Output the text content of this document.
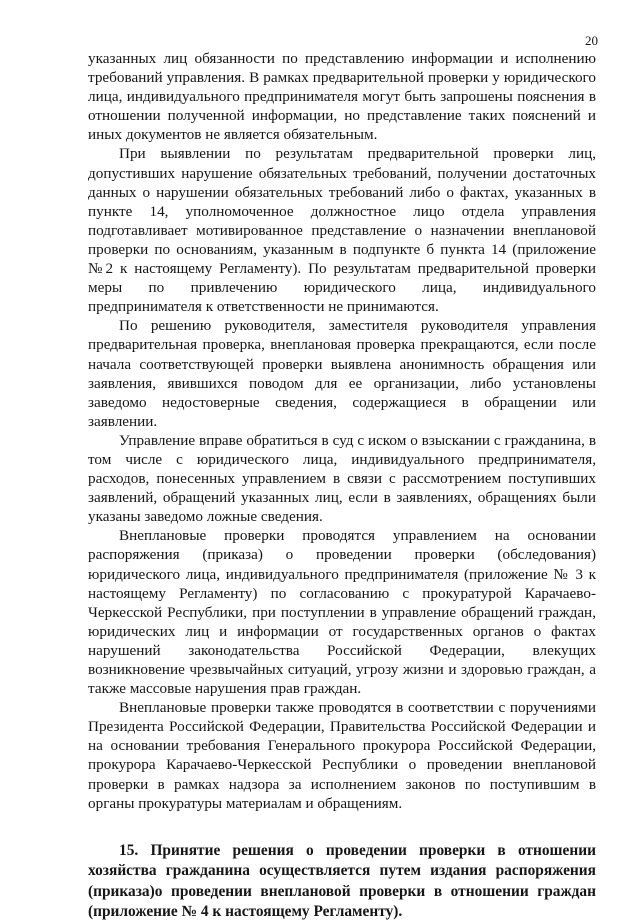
20

указанных лиц обязанности по представлению информации и исполнению требований управления. В рамках предварительной проверки у юридического лица, индивидуального предпринимателя могут быть запрошены пояснения в отношении полученной информации, но представление таких пояснений и иных документов не является обязательным.

При выявлении по результатам предварительной проверки лиц, допустивших нарушение обязательных требований, получении достаточных данных о нарушении обязательных требований либо о фактах, указанных в пункте 14, уполномоченное должностное лицо отдела управления подготавливает мотивированное представление о назначении внеплановой проверки по основаниям, указанным в подпункте б пункта 14 (приложение №2 к настоящему Регламенту). По результатам предварительной проверки меры по привлечению юридического лица, индивидуального предпринимателя к ответственности не принимаются.

По решению руководителя, заместителя руководителя управления предварительная проверка, внеплановая проверка прекращаются, если после начала соответствующей проверки выявлена анонимность обращения или заявления, явившихся поводом для ее организации, либо установлены заведомо недостоверные сведения, содержащиеся в обращении или заявлении.

Управление вправе обратиться в суд с иском о взыскании с гражданина, в том числе с юридического лица, индивидуального предпринимателя, расходов, понесенных управлением в связи с рассмотрением поступивших заявлений, обращений указанных лиц, если в заявлениях, обращениях были указаны заведомо ложные сведения.

Внеплановые проверки проводятся управлением на основании распоряжения (приказа) о проведении проверки (обследования) юридического лица, индивидуального предпринимателя (приложение № 3 к настоящему Регламенту) по согласованию с прокуратурой Карачаево-Черкесской Республики, при поступлении в управление обращений граждан, юридических лиц и информации от государственных органов о фактах нарушений законодательства Российской Федерации, влекущих возникновение чрезвычайных ситуаций, угрозу жизни и здоровью граждан, а также массовые нарушения прав граждан.

Внеплановые проверки также проводятся в соответствии с поручениями Президента Российской Федерации, Правительства Российской Федерации и на основании требования Генерального прокурора Российской Федерации, прокурора Карачаево-Черкесской Республики о проведении внеплановой проверки в рамках надзора за исполнением законов по поступившим в органы прокуратуры материалам и обращениям.

15. Принятие решения о проведении проверки в отношении хозяйства гражданина осуществляется путем издания распоряжения (приказа)о проведении внеплановой проверки в отношении граждан (приложение № 4 к настоящему Регламенту).
